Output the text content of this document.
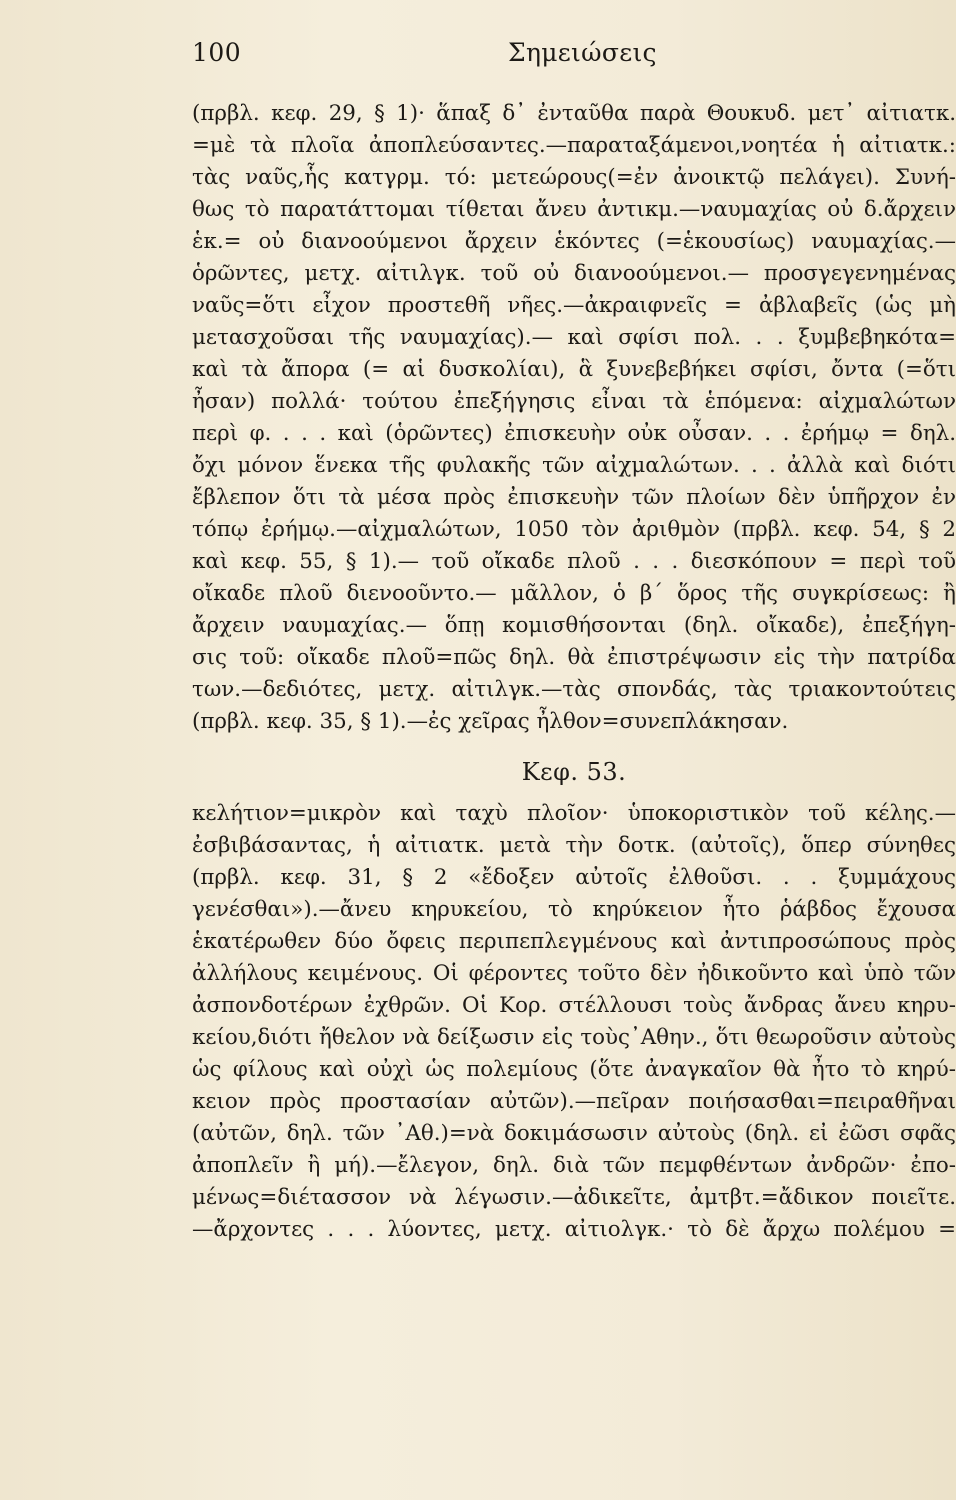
100	Σημειώσεις
(πρβλ. κεφ. 29, § 1)· ἅπαξ δ᾽ ἐνταῦθα παρὰ Θουκυδ. μετ᾽ αἰτιατκ.
=μὲ τὰ πλοῖα ἀποπλεύσαντες.—παραταξάμενοι,νοητέα ἡ αἰτιατκ.:
τὰς ναῦς,ἧς κατγρμ. τό: μετεώρους(=ἐν ἀνοικτῷ πελάγει). Συνή-
θως τὸ παρατάττομαι τίθεται ἄνευ ἀντικμ.—ναυμαχίας οὐ δ.ἄρχειν
ἑκ.= οὐ διανοούμενοι ἄρχειν ἑκόντες (=ἑκουσίως) ναυμαχίας.—
ὁρῶντες, μετχ. αἰτιλγκ. τοῦ οὐ διανοούμενοι.— προσγεγενημένας
ναῦς=ὅτι εἶχον προστεθῆ νῆες.—ἀκραιφνεῖς = ἀβλαβεῖς (ὡς μὴ
μετασχοῦσαι τῆς ναυμαχίας).— καὶ σφίσι πολ. . . ξυμβεβηκότα=
καὶ τὰ ἄπορα (= αἱ δυσκολίαι), ἃ ξυνεβεβήκει σφίσι, ὄντα (=ὅτι
ἦσαν) πολλά· τούτου ἐπεξήγησις εἶναι τὰ ἑπόμενα: αἰχμαλώτων
περὶ φ. . . . καὶ (ὁρῶντες) ἐπισκευὴν οὐκ οὖσαν. . . ἐρήμῳ = δηλ.
ὄχι μόνον ἕνεκα τῆς φυλακῆς τῶν αἰχμαλώτων. . . ἀλλὰ καὶ διότι
ἔβλεπον ὅτι τὰ μέσα πρὸς ἐπισκευὴν τῶν πλοίων δὲν ὑπῆρχον ἐν
τόπῳ ἐρήμῳ.—αἰχμαλώτων, 1050 τὸν ἀριθμὸν (πρβλ. κεφ. 54, § 2
καὶ κεφ. 55, § 1).— τοῦ οἴκαδε πλοῦ . . . διεσκόπουν = περὶ τοῦ
οἴκαδε πλοῦ διενοοῦντο.— μᾶλλον, ὁ β΄ ὅρος τῆς συγκρίσεως: ἢ
ἄρχειν ναυμαχίας.— ὅπῃ κομισθήσονται (δηλ. οἴκαδε), ἐπεξήγη-
σις τοῦ: οἴκαδε πλοῦ=πῶς δηλ. θὰ ἐπιστρέψωσιν εἰς τὴν πατρίδα
των.—δεδιότες, μετχ. αἰτιλγκ.—τὰς σπονδάς, τὰς τριακοντούτεις
(πρβλ. κεφ. 35, § 1).—ἐς χεῖρας ἦλθον=συνεπλάκησαν.
Κεφ. 53.
κελήτιον=μικρὸν καὶ ταχὺ πλοῖον· ὑποκοριστικὸν τοῦ κέλης.—
ἐσβιβάσαντας, ἡ αἰτιατκ. μετὰ τὴν δοτκ. (αὐτοῖς), ὅπερ σύνηθες
(πρβλ. κεφ. 31, § 2 «ἔδοξεν αὐτοῖς ἐλθοῦσι. . . ξυμμάχους
γενέσθαι»).—ἄνευ κηρυκείου, τὸ κηρύκειον ἦτο ῥάβδος ἔχουσα
ἑκατέρωθεν δύο ὄφεις περιπεπλεγμένους καὶ ἀντιπροσώπους πρὸς
ἀλλήλους κειμένους. Οἱ φέροντες τοῦτο δὲν ἠδικοῦντο καὶ ὑπὸ τῶν
ἀσπονδοτέρων ἐχθρῶν. Οἱ Κορ. στέλλουσι τοὺς ἄνδρας ἄνευ κηρυ-
κείου,διότι ἤθελον νὰ δείξωσιν εἰς τοὺς᾽Αθην., ὅτι θεωροῦσιν αὐτοὺς
ὡς φίλους καὶ οὐχὶ ὡς πολεμίους (ὅτε ἀναγκαῖον θὰ ἦτο τὸ κηρύ-
κειον πρὸς προστασίαν αὐτῶν).—πεῖραν ποιήσασθαι=πειραθῆναι
(αὐτῶν, δηλ. τῶν ᾽Αθ.)=νὰ δοκιμάσωσιν αὐτοὺς (δηλ. εἰ ἐῶσι σφᾶς
ἀποπλεῖν ἢ μή).—ἔλεγον, δηλ. διὰ τῶν πεμφθέντων ἀνδρῶν· ἐπο-
μένως=διέτασσον νὰ λέγωσιν.—ἀδικεῖτε, ἀμτβτ.=ἄδικον ποιεῖτε.
—ἄρχοντες . . . λύοντες, μετχ. αἰτιολγκ.· τὸ δὲ ἄρχω πολέμου =
